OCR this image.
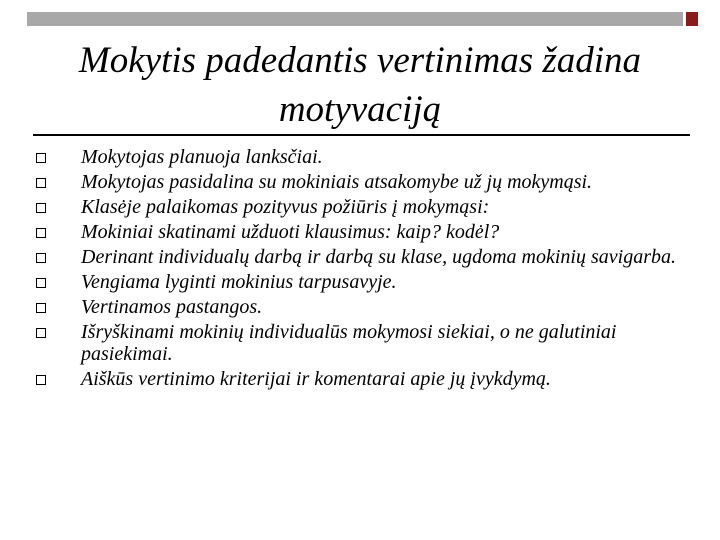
Mokytis padedantis vertinimas žadina motyvaciją
Mokytojas planuoja lanksčiai.
Mokytojas pasidalina su mokiniais atsakomybe už jų mokymąsi.
Klasėje palaikomas pozityvus požiūris į mokymąsi:
Mokiniai skatinami užduoti klausimus: kaip? kodėl?
Derinant individualų darbą ir darbą su klase, ugdoma mokinių savigarba.
Vengiama lyginti mokinius tarpusavyje.
Vertinamos pastangos.
Išryškinami mokinių individualūs mokymosi siekiai, o ne galutiniai pasiekimai.
Aiškūs vertinimo kriterijai ir komentarai apie jų įvykdymą.
